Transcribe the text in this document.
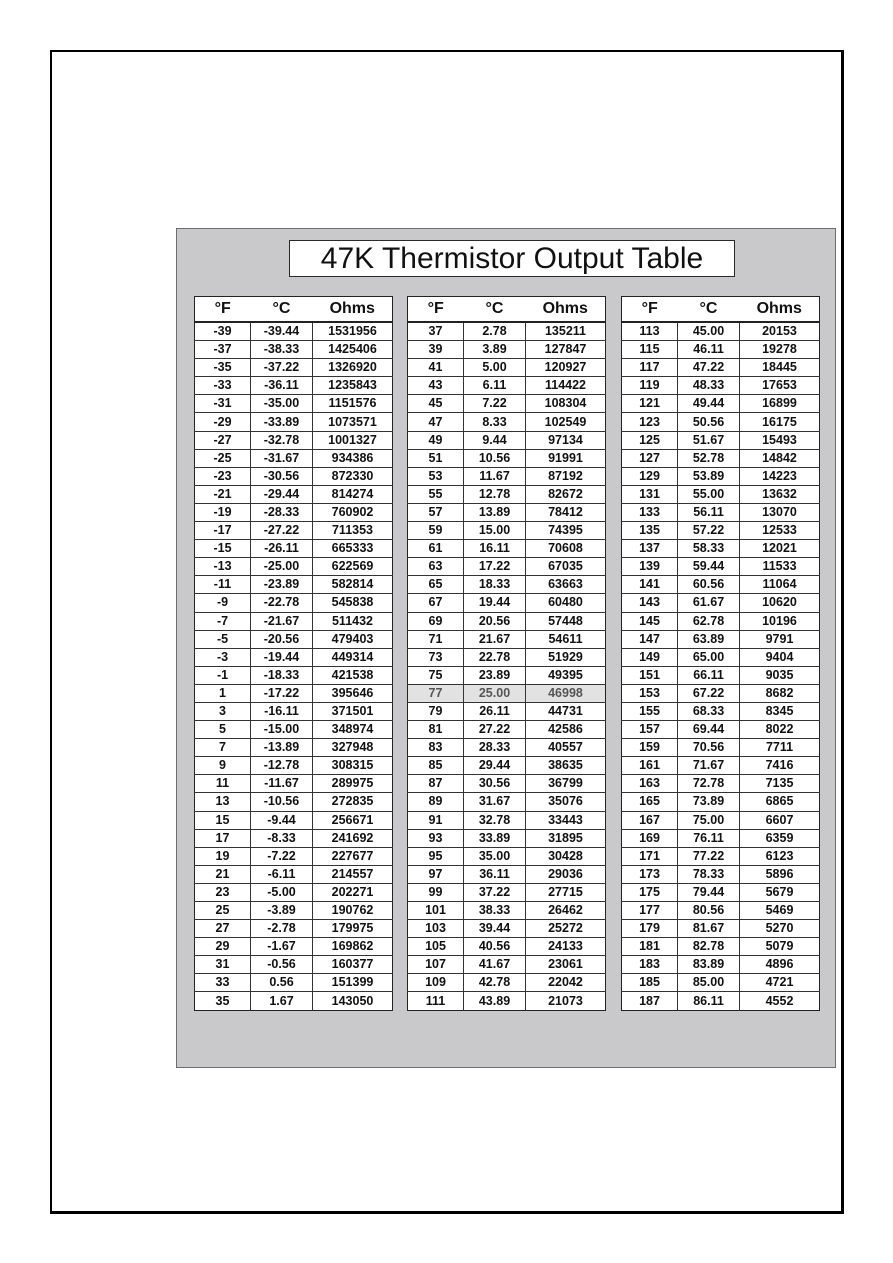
47K Thermistor Output Table
°F	°C	Ohms
-39	-39.44	1531956
-37	-38.33	1425406
-35	-37.22	1326920
-33	-36.11	1235843
-31	-35.00	1151576
-29	-33.89	1073571
-27	-32.78	1001327
-25	-31.67	934386
-23	-30.56	872330
-21	-29.44	814274
-19	-28.33	760902
-17	-27.22	711353
-15	-26.11	665333
-13	-25.00	622569
-11	-23.89	582814
-9	-22.78	545838
-7	-21.67	511432
-5	-20.56	479403
-3	-19.44	449314
-1	-18.33	421538
1	-17.22	395646
3	-16.11	371501
5	-15.00	348974
7	-13.89	327948
9	-12.78	308315
11	-11.67	289975
13	-10.56	272835
15	-9.44	256671
17	-8.33	241692
19	-7.22	227677
21	-6.11	214557
23	-5.00	202271
25	-3.89	190762
27	-2.78	179975
29	-1.67	169862
31	-0.56	160377
33	0.56	151399
35	1.67	143050
°F	°C	Ohms
37	2.78	135211
39	3.89	127847
41	5.00	120927
43	6.11	114422
45	7.22	108304
47	8.33	102549
49	9.44	97134
51	10.56	91991
53	11.67	87192
55	12.78	82672
57	13.89	78412
59	15.00	74395
61	16.11	70608
63	17.22	67035
65	18.33	63663
67	19.44	60480
69	20.56	57448
71	21.67	54611
73	22.78	51929
75	23.89	49395
77	25.00	46998
79	26.11	44731
81	27.22	42586
83	28.33	40557
85	29.44	38635
87	30.56	36799
89	31.67	35076
91	32.78	33443
93	33.89	31895
95	35.00	30428
97	36.11	29036
99	37.22	27715
101	38.33	26462
103	39.44	25272
105	40.56	24133
107	41.67	23061
109	42.78	22042
111	43.89	21073
°F	°C	Ohms
113	45.00	20153
115	46.11	19278
117	47.22	18445
119	48.33	17653
121	49.44	16899
123	50.56	16175
125	51.67	15493
127	52.78	14842
129	53.89	14223
131	55.00	13632
133	56.11	13070
135	57.22	12533
137	58.33	12021
139	59.44	11533
141	60.56	11064
143	61.67	10620
145	62.78	10196
147	63.89	9791
149	65.00	9404
151	66.11	9035
153	67.22	8682
155	68.33	8345
157	69.44	8022
159	70.56	7711
161	71.67	7416
163	72.78	7135
165	73.89	6865
167	75.00	6607
169	76.11	6359
171	77.22	6123
173	78.33	5896
175	79.44	5679
177	80.56	5469
179	81.67	5270
181	82.78	5079
183	83.89	4896
185	85.00	4721
187	86.11	4552
